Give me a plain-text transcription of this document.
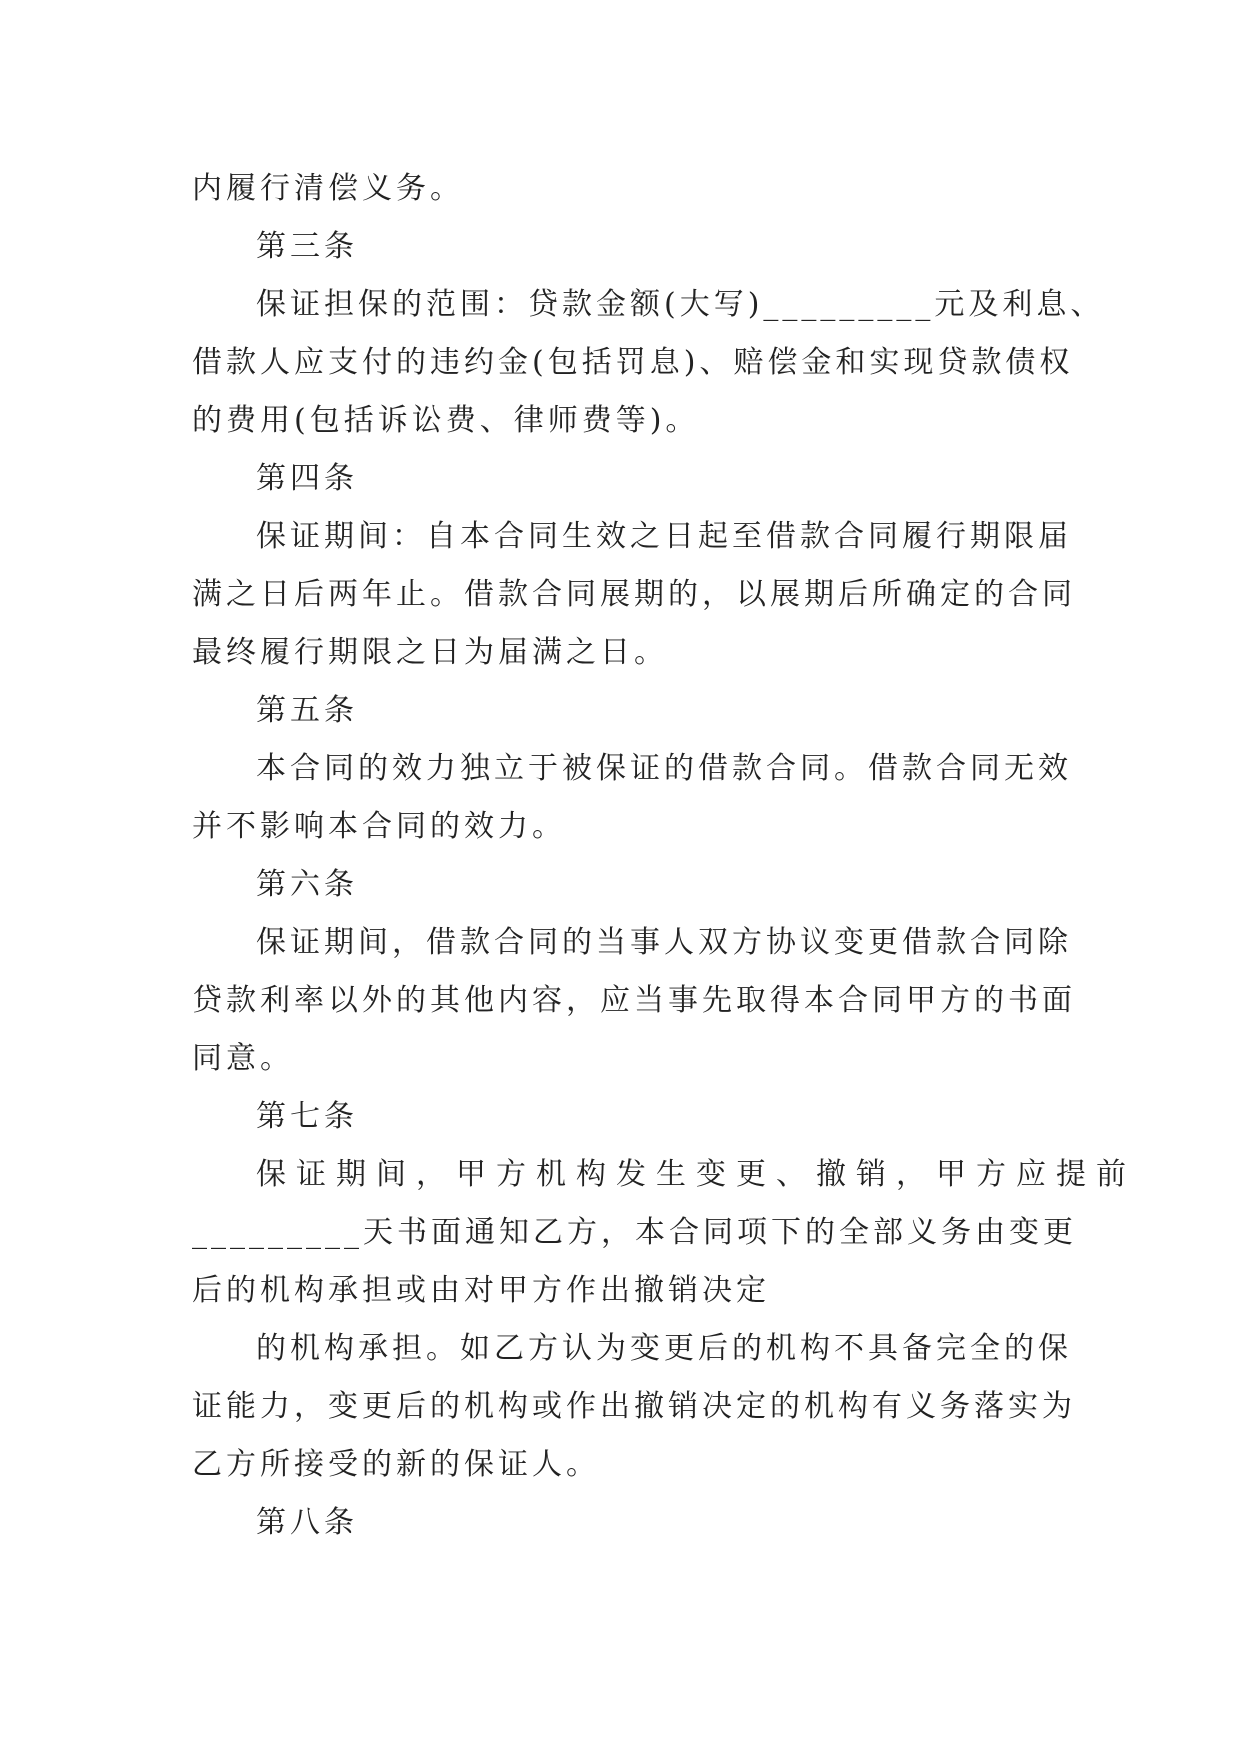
内履行清偿义务。
第三条
保证担保的范围：贷款金额(大写)_________元及利息、
借款人应支付的违约金(包括罚息)、赔偿金和实现贷款债权
的费用(包括诉讼费、律师费等)。
第四条
保证期间：自本合同生效之日起至借款合同履行期限届
满之日后两年止。借款合同展期的，以展期后所确定的合同
最终履行期限之日为届满之日。
第五条
本合同的效力独立于被保证的借款合同。借款合同无效
并不影响本合同的效力。
第六条
保证期间，借款合同的当事人双方协议变更借款合同除
贷款利率以外的其他内容，应当事先取得本合同甲方的书面
同意。
第七条
保证期间，甲方机构发生变更、撤销，甲方应提前
_________天书面通知乙方，本合同项下的全部义务由变更
后的机构承担或由对甲方作出撤销决定
的机构承担。如乙方认为变更后的机构不具备完全的保
证能力，变更后的机构或作出撤销决定的机构有义务落实为
乙方所接受的新的保证人。
第八条
